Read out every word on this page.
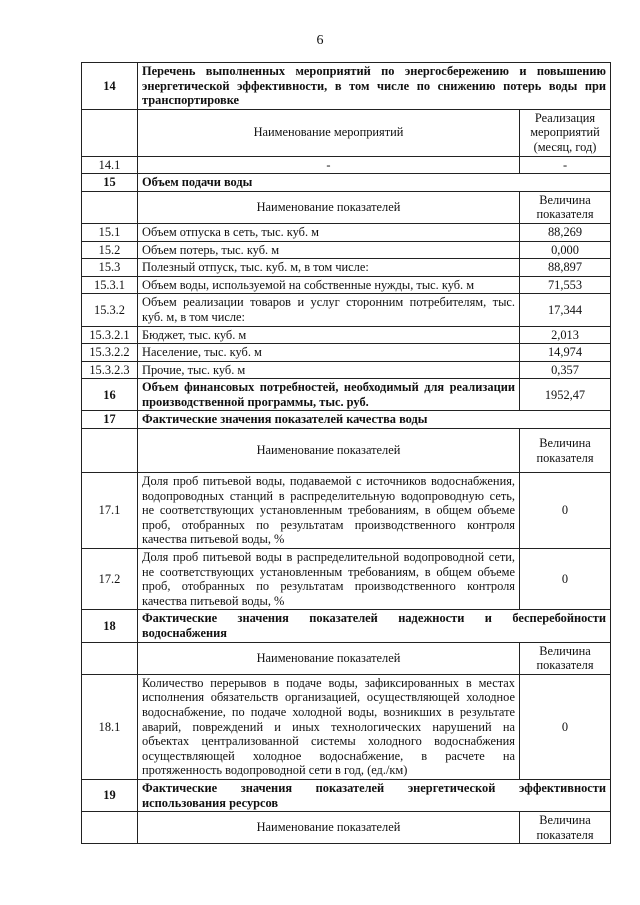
6
14	Перечень выполненных мероприятий по энергосбережению и повышению энергетической эффективности, в том числе по снижению потерь воды при транспортировке	
	Наименование мероприятий	Реализация мероприятий (месяц, год)
14.1	-	-
15	Объем подачи воды	
	Наименование показателей	Величина показателя
15.1	Объем отпуска в сеть, тыс. куб. м	88,269
15.2	Объем потерь, тыс. куб. м	0,000
15.3	Полезный отпуск, тыс. куб. м, в том числе:	88,897
15.3.1	Объем воды, используемой на собственные нужды, тыс. куб. м	71,553
15.3.2	Объем реализации товаров и услуг сторонним потребителям, тыс. куб. м, в том числе:	17,344
15.3.2.1	Бюджет, тыс. куб. м	2,013
15.3.2.2	Население, тыс. куб. м	14,974
15.3.2.3	Прочие, тыс. куб. м	0,357
16	Объем финансовых потребностей, необходимый для реализации производственной программы, тыс. руб.	1952,47
17	Фактические значения показателей качества воды	
	Наименование показателей	Величина показателя
17.1	Доля проб питьевой воды, подаваемой с источников водоснабжения, водопроводных станций в распределительную водопроводную сеть, не соответствующих установленным требованиям, в общем объеме проб, отобранных по результатам производственного контроля качества питьевой воды, %	0
17.2	Доля проб питьевой воды в распределительной водопроводной сети, не соответствующих установленным требованиям, в общем объеме проб, отобранных по результатам производственного контроля качества питьевой воды, %	0
18	Фактические значения показателей надежности и бесперебойности водоснабжения	
	Наименование показателей	Величина показателя
18.1	Количество перерывов в подаче воды, зафиксированных в местах исполнения обязательств организацией, осуществляющей холодное водоснабжение, по подаче холодной воды, возникших в результате аварий, повреждений и иных технологических нарушений на объектах централизованной системы холодного водоснабжения осуществляющей холодное водоснабжение, в расчете на протяженность водопроводной сети в год, (ед./км)	0
19	Фактические значения показателей энергетической эффективности использования ресурсов	
	Наименование показателей	Величина показателя
